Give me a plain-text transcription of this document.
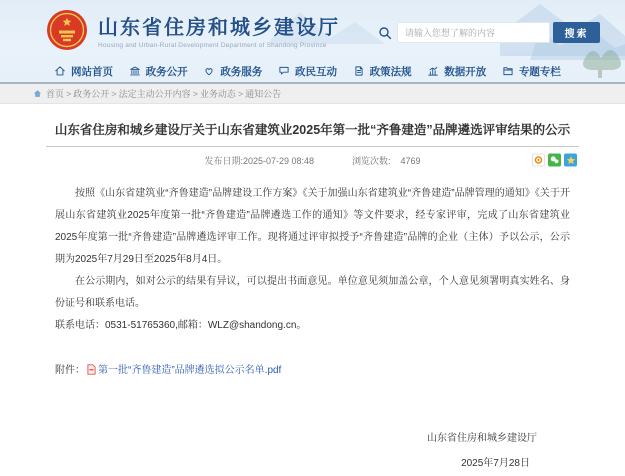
山东省住房和城乡建设厅
Housing and Urban-Rural Development Department of Shandong Province
请输入您想了解的内容
搜索
网站首页	政务公开	政务服务	政民互动	政策法规	数据开放	专题专栏
首页 > 政务公开 > 法定主动公开内容 > 业务动态 > 通知公告
山东省住房和城乡建设厅关于山东省建筑业2025年第一批“齐鲁建造”品牌遴选评审结果的公示
发布日期:2025-07-29 08:48	浏览次数: 4769

按照《山东省建筑业“齐鲁建造”品牌建设工作方案》《关于加强山东省建筑业“齐鲁建造”品牌管理的通知》《关于开展山东省建筑业2025年度第一批“齐鲁建造”品牌遴选工作的通知》等文件要求，经专家评审，完成了山东省建筑业2025年度第一批“齐鲁建造”品牌遴选评审工作。现将通过评审拟授予“齐鲁建造”品牌的企业（主体）予以公示，公示期为2025年7月29日至2025年8月4日。

在公示期内，如对公示的结果有异议，可以提出书面意见。单位意见须加盖公章，个人意见须署明真实姓名、身份证号和联系电话。

联系电话：0531-51765360,邮箱：WLZ@shandong.cn。

附件： 第一批“齐鲁建造”品牌遴选拟公示名单.pdf
山东省住房和城乡建设厅
2025年7月28日
